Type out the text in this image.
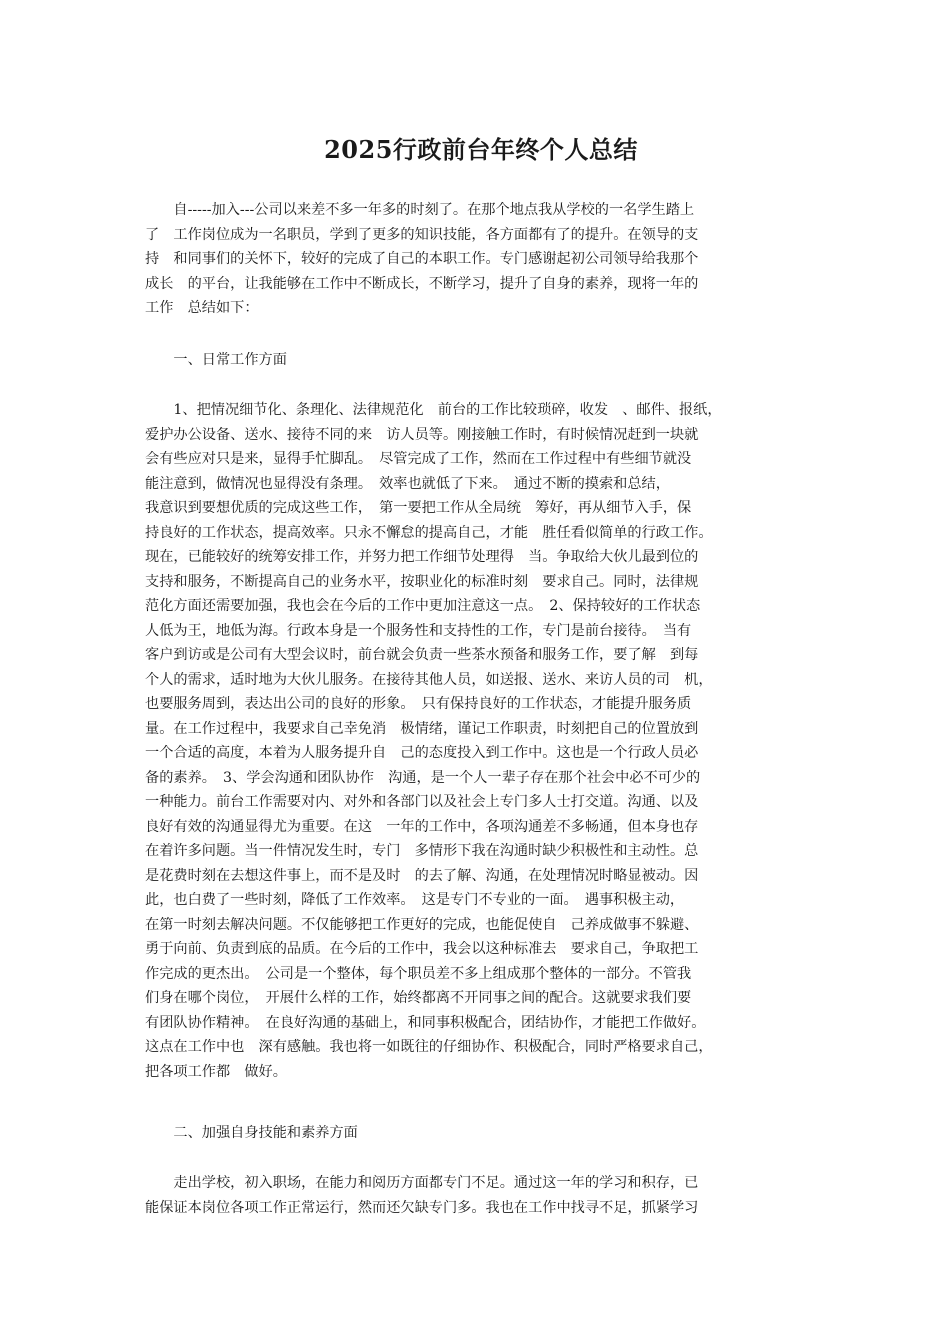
2025行政前台年终个人总结
　　自-----加入---公司以来差不多一年多的时刻了。在那个地点我从学校的一名学生踏上
了　工作岗位成为一名职员，学到了更多的知识技能，各方面都有了的提升。在领导的支
持　和同事们的关怀下，较好的完成了自己的本职工作。专门感谢起初公司领导给我那个
成长　的平台，让我能够在工作中不断成长，不断学习，提升了自身的素养，现将一年的
工作　总结如下：

　　一、日常工作方面

　　1、把情况细节化、条理化、法律规范化　前台的工作比较琐碎，收发　、邮件、报纸，
爱护办公设备、送水、接待不同的来　访人员等。刚接触工作时，有时候情况赶到一块就
会有些应对只是来，显得手忙脚乱。　尽管完成了工作，然而在工作过程中有些细节就没
能注意到，做情况也显得没有条理。　效率也就低了下来。　通过不断的摸索和总结，
我意识到要想优质的完成这些工作，　第一要把工作从全局统　筹好，再从细节入手，保
持良好的工作状态，提高效率。只永不懈怠的提高自己，才能　胜任看似简单的行政工作。
现在，已能较好的统筹安排工作，并努力把工作细节处理得　当。争取给大伙儿最到位的
支持和服务，不断提高自己的业务水平，按职业化的标准时刻　要求自己。同时，法律规
范化方面还需要加强，我也会在今后的工作中更加注意这一点。　2、保持较好的工作状态
人低为王，地低为海。行政本身是一个服务性和支持性的工作，专门是前台接待。　当有
客户到访或是公司有大型会议时，前台就会负责一些茶水预备和服务工作，要了解　到每
个人的需求，适时地为大伙儿服务。在接待其他人员，如送报、送水、来访人员的司　机，
也要服务周到，表达出公司的良好的形象。　只有保持良好的工作状态，才能提升服务质
量。在工作过程中，我要求自己幸免消　极情绪，谨记工作职责，时刻把自己的位置放到
一个合适的高度，本着为人服务提升自　己的态度投入到工作中。这也是一个行政人员必
备的素养。　3、学会沟通和团队协作　沟通，是一个人一辈子存在那个社会中必不可少的
一种能力。前台工作需要对内、对外和各部门以及社会上专门多人士打交道。沟通、以及
良好有效的沟通显得尤为重要。在这　一年的工作中，各项沟通差不多畅通，但本身也存
在着许多问题。当一件情况发生时，专门　多情形下我在沟通时缺少积极性和主动性。总
是花费时刻在去想这件事上，而不是及时　的去了解、沟通，在处理情况时略显被动。因
此，也白费了一些时刻，降低了工作效率。　这是专门不专业的一面。　遇事积极主动，
在第一时刻去解决问题。不仅能够把工作更好的完成，也能促使自　己养成做事不躲避、
勇于向前、负责到底的品质。在今后的工作中，我会以这种标准去　要求自己，争取把工
作完成的更杰出。　公司是一个整体，每个职员差不多上组成那个整体的一部分。不管我
们身在哪个岗位，　开展什么样的工作，始终都离不开同事之间的配合。这就要求我们要
有团队协作精神。　在良好沟通的基础上，和同事积极配合，团结协作，才能把工作做好。
这点在工作中也　深有感触。我也将一如既往的仔细协作、积极配合，同时严格要求自己，
把各项工作都　做好。

　　二、加强自身技能和素养方面

　　走出学校，初入职场，在能力和阅历方面都专门不足。通过这一年的学习和积存，已
能保证本岗位各项工作正常运行，然而还欠缺专门多。我也在工作中找寻不足，抓紧学习
